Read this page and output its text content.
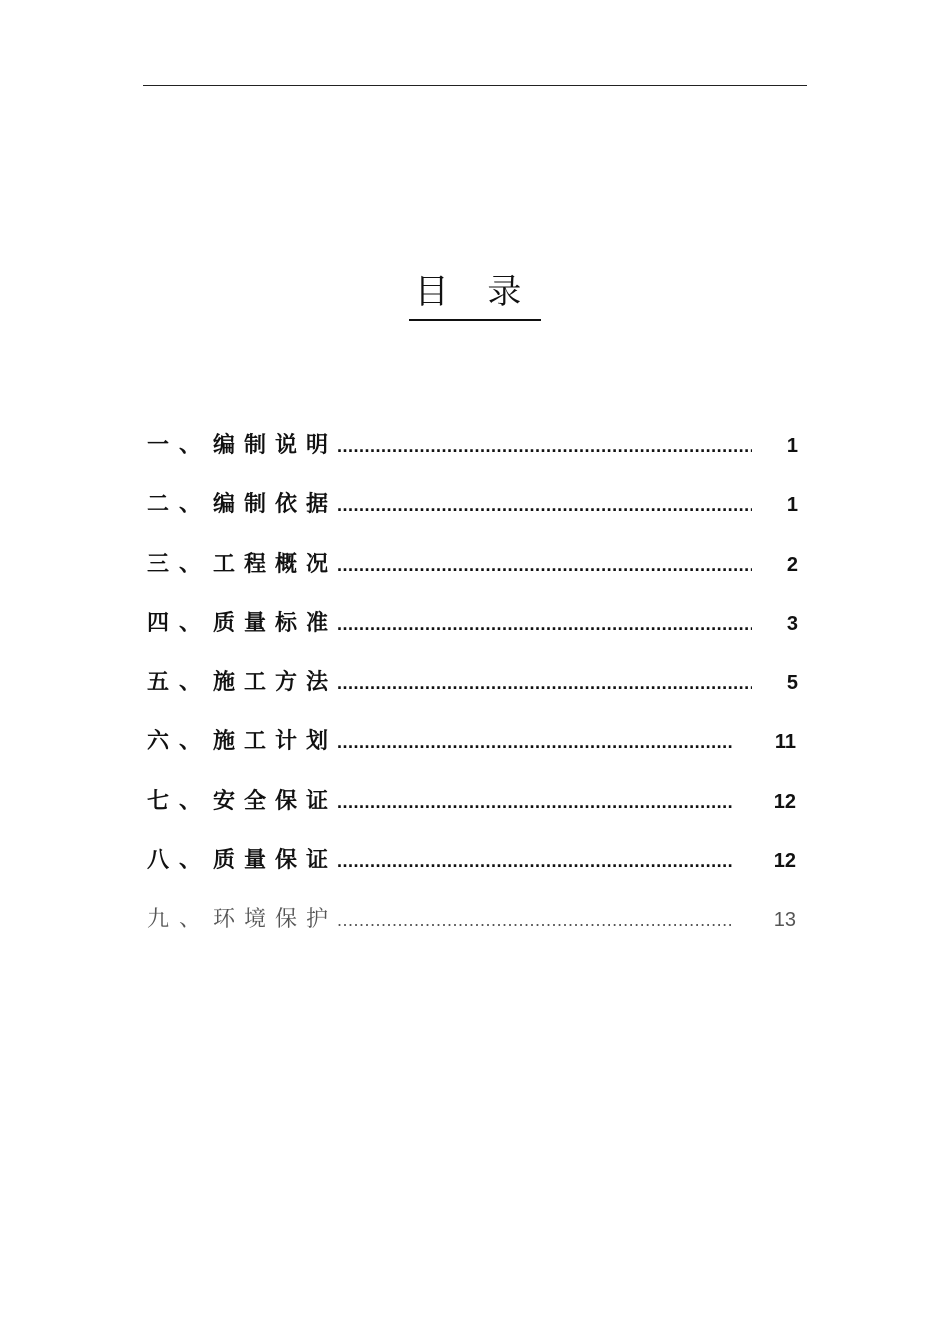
目 录
一、 编制说明 .....	1
二、 编制依据 .....	1
三、 工程概况 .....	2
四、 质量标准 .....	3
五、 施工方法 .....	5
六、 施工计划 .....	11
七、 安全保证 .....	12
八、 质量保证 .....	12
九、 环境保护 .....	13
